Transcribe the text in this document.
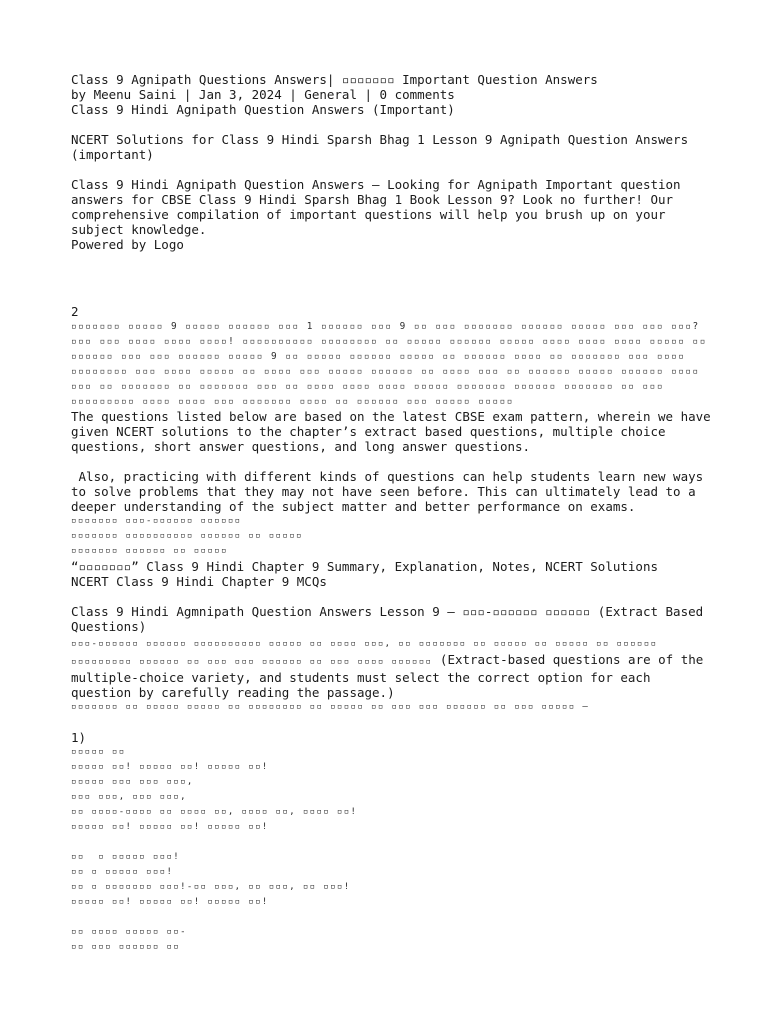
Class 9 Agnipath Questions Answers| ▫▫▫▫▫▫▫ Important Question Answers
by Meenu Saini | Jan 3, 2024 | General | 0 comments
Class 9 Hindi Agnipath Question Answers (Important)
NCERT Solutions for Class 9 Hindi Sparsh Bhag 1 Lesson 9 Agnipath Question Answers (important)
Class 9 Hindi Agnipath Question Answers – Looking for Agnipath Important question answers for CBSE Class 9 Hindi Sparsh Bhag 1 Book Lesson 9? Look no further! Our comprehensive compilation of important questions will help you brush up on your subject knowledge.
Powered by Logo
2
▫▫▫▫▫▫▫ ▫▫▫▫▫ 9 ▫▫▫▫▫ ▫▫▫▫▫▫ ▫▫▫ 1 ▫▫▫▫▫▫ ▫▫▫ 9 ▫▫ ▫▫▫ ▫▫▫▫▫▫▫ ▫▫▫▫▫▫ ▫▫▫▫▫ ▫▫▫ ▫▫▫ ▫▫▫? ▫▫▫ ▫▫▫ ▫▫▫▫ ▫▫▫▫ ▫▫▫▫! ▫▫▫▫▫▫▫▫▫▫ ▫▫▫▫▫▫▫▫ ▫▫ ▫▫▫▫▫ ▫▫▫▫▫▫ ▫▫▫▫▫ ▫▫▫▫ ▫▫▫▫ ▫▫▫▫ ▫▫▫▫▫ ▫▫ ▫▫▫▫▫▫ ▫▫▫ ▫▫▫ ▫▫▫▫▫▫ ▫▫▫▫▫ 9 ▫▫ ▫▫▫▫▫ ▫▫▫▫▫▫ ▫▫▫▫▫ ▫▫ ▫▫▫▫▫▫ ▫▫▫▫ ▫▫ ▫▫▫▫▫▫▫ ▫▫▫ ▫▫▫▫ ▫▫▫▫▫▫▫▫ ▫▫▫ ▫▫▫▫ ▫▫▫▫▫ ▫▫ ▫▫▫▫ ▫▫▫ ▫▫▫▫▫ ▫▫▫▫▫▫ ▫▫ ▫▫▫▫ ▫▫▫ ▫▫ ▫▫▫▫▫▫ ▫▫▫▫▫ ▫▫▫▫▫▫ ▫▫▫▫ ▫▫▫ ▫▫ ▫▫▫▫▫▫▫ ▫▫ ▫▫▫▫▫▫▫ ▫▫▫ ▫▫ ▫▫▫▫ ▫▫▫▫ ▫▫▫▫ ▫▫▫▫▫ ▫▫▫▫▫▫▫ ▫▫▫▫▫▫ ▫▫▫▫▫▫▫ ▫▫ ▫▫▫ ▫▫▫▫▫▫▫▫▫ ▫▫▫▫ ▫▫▫▫ ▫▫▫ ▫▫▫▫▫▫▫ ▫▫▫▫ ▫▫ ▫▫▫▫▫▫ ▫▫▫ ▫▫▫▫▫ ▫▫▫▫▫
The questions listed below are based on the latest CBSE exam pattern, wherein we have given NCERT solutions to the chapter’s extract based questions, multiple choice questions, short answer questions, and long answer questions.
Also, practicing with different kinds of questions can help students learn new ways to solve problems that they may not have seen before. This can ultimately lead to a deeper understanding of the subject matter and better performance on exams.
▫▫▫▫▫▫▫ ▫▫▫-▫▫▫▫▫▫ ▫▫▫▫▫▫
▫▫▫▫▫▫▫ ▫▫▫▫▫▫▫▫▫▫ ▫▫▫▫▫▫ ▫▫ ▫▫▫▫▫
▫▫▫▫▫▫▫ ▫▫▫▫▫▫ ▫▫ ▫▫▫▫▫
“▫▫▫▫▫▫▫” Class 9 Hindi Chapter 9 Summary, Explanation, Notes, NCERT Solutions
NCERT Class 9 Hindi Chapter 9 MCQs
Class 9 Hindi Agmnipath Question Answers Lesson 9 – ▫▫▫-▫▫▫▫▫▫ ▫▫▫▫▫▫ (Extract Based Questions)
▫▫▫-▫▫▫▫▫▫ ▫▫▫▫▫▫ ▫▫▫▫▫▫▫▫▫▫ ▫▫▫▫▫ ▫▫ ▫▫▫▫ ▫▫▫, ▫▫ ▫▫▫▫▫▫▫ ▫▫ ▫▫▫▫▫ ▫▫ ▫▫▫▫▫ ▫▫ ▫▫▫▫▫▫ ▫▫▫▫▫▫▫▫▫ ▫▫▫▫▫▫ ▫▫ ▫▫▫ ▫▫▫ ▫▫▫▫▫▫ ▫▫ ▫▫▫ ▫▫▫▫ ▫▫▫▫▫▫ (Extract-based questions are of the multiple-choice variety, and students must select the correct option for each question by carefully reading the passage.)
▫▫▫▫▫▫▫ ▫▫ ▫▫▫▫▫ ▫▫▫▫▫ ▫▫ ▫▫▫▫▫▫▫▫ ▫▫ ▫▫▫▫▫ ▫▫ ▫▫▫ ▫▫▫ ▫▫▫▫▫▫ ▫▫ ▫▫▫ ▫▫▫▫▫ –
1)
▫▫▫▫▫ ▫▫
▫▫▫▫▫ ▫▫! ▫▫▫▫▫ ▫▫! ▫▫▫▫▫ ▫▫!
▫▫▫▫▫ ▫▫▫ ▫▫▫ ▫▫▫,
▫▫▫ ▫▫▫, ▫▫▫ ▫▫▫,
▫▫ ▫▫▫▫-▫▫▫▫ ▫▫ ▫▫▫▫ ▫▫, ▫▫▫▫ ▫▫, ▫▫▫▫ ▫▫!
▫▫▫▫▫ ▫▫! ▫▫▫▫▫ ▫▫! ▫▫▫▫▫ ▫▫!
▫▫  ▫ ▫▫▫▫▫ ▫▫▫!
▫▫ ▫ ▫▫▫▫▫ ▫▫▫!
▫▫ ▫ ▫▫▫▫▫▫▫ ▫▫▫!-▫▫ ▫▫▫, ▫▫ ▫▫▫, ▫▫ ▫▫▫!
▫▫▫▫▫ ▫▫! ▫▫▫▫▫ ▫▫! ▫▫▫▫▫ ▫▫!
▫▫ ▫▫▫▫ ▫▫▫▫▫ ▫▫-
▫▫ ▫▫▫ ▫▫▫▫▫▫ ▫▫
